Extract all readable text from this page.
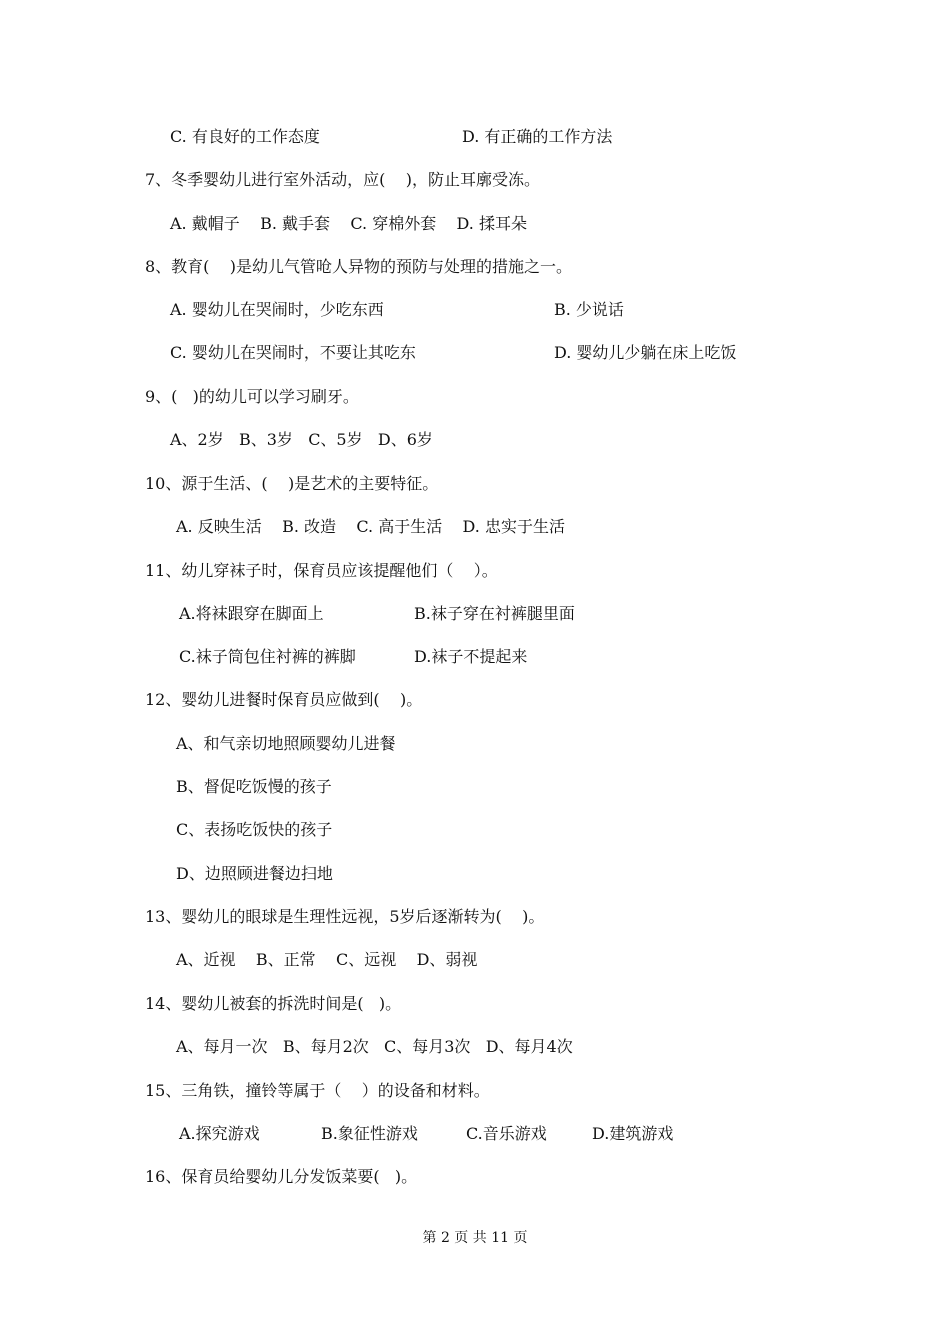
C. 有良好的工作态度	D. 有正确的工作方法
7、冬季婴幼儿进行室外活动，应(    )，防止耳廓受冻。
A. 戴帽子    B. 戴手套    C. 穿棉外套    D. 揉耳朵
8、教育(    )是幼儿气管呛人异物的预防与处理的措施之一。
A. 婴幼儿在哭闹时，少吃东西	B. 少说话
C. 婴幼儿在哭闹时，不要让其吃东	D. 婴幼儿少躺在床上吃饭
9、(   )的幼儿可以学习刷牙。
A、2岁   B、3岁   C、5岁   D、6岁
10、源于生活、(    )是艺术的主要特征。
A. 反映生活    B. 改造    C. 高于生活    D. 忠实于生活
11、幼儿穿袜子时，保育员应该提醒他们（    ）。
A.将袜跟穿在脚面上	B.袜子穿在衬裤腿里面
C.袜子筒包住衬裤的裤脚	D.袜子不提起来
12、婴幼儿进餐时保育员应做到(    )。
A、和气亲切地照顾婴幼儿进餐
B、督促吃饭慢的孩子
C、表扬吃饭快的孩子
D、边照顾进餐边扫地
13、婴幼儿的眼球是生理性远视，5岁后逐渐转为(    )。
A、近视    B、正常    C、远视    D、弱视
14、婴幼儿被套的拆洗时间是(   )。
A、每月一次   B、每月2次   C、每月3次   D、每月4次
15、三角铁，撞铃等属于（    ）的设备和材料。
A.探究游戏	B.象征性游戏	C.音乐游戏	D.建筑游戏
16、保育员给婴幼儿分发饭菜要(   )。
第 2 页 共 11 页
